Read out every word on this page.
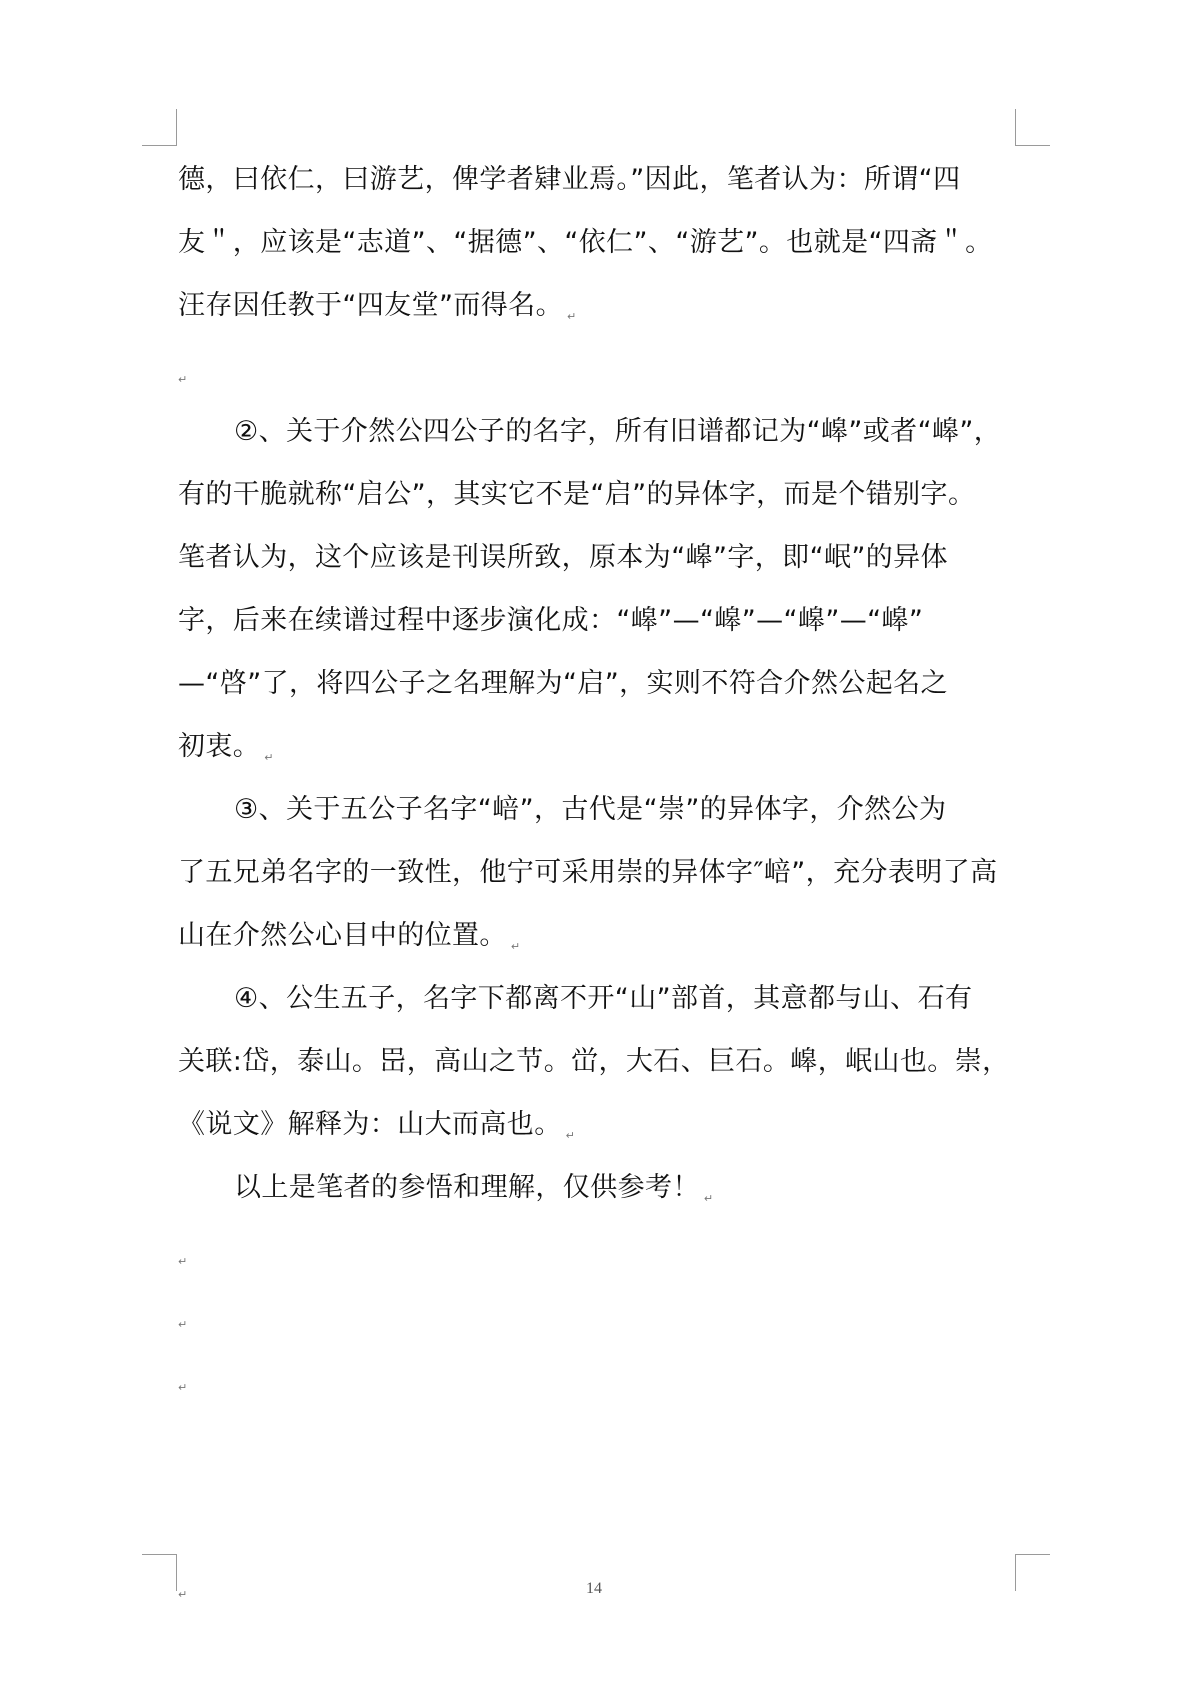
德，曰依仁，曰游艺，俾学者肄业焉。”因此，笔者认为：所谓“四
友＂，应该是“志道”、“据德”、“依仁”、“游艺”。也就是“四斋＂。
汪存因任教于“四友堂”而得名。 ↵
↵
②、关于介然公四公子的名字，所有旧谱都记为“㟸”或者“㟸”，
有的干脆就称“启公”，其实它不是“启”的异体字，而是个错别字。
笔者认为，这个应该是刊误所致，原本为“㟸”字，即“岷”的异体
字，后来在续谱过程中逐步演化成：“㟸”—“㟸”—“㟸”—“㟸”
—“啓”了，将四公子之名理解为“启”，实则不符合介然公起名之
初衷。 ↵
③、关于五公子名字“㟝”，古代是“崇”的异体字，介然公为
了五兄弟名字的一致性，他宁可采用崇的异体字″㟝”，充分表明了高
山在介然公心目中的位置。 ↵
④、公生五子，名字下都离不开“山”部首，其意都与山、石有
关联:岱，泰山。岊，高山之节。峃，大石、巨石。㟸，岷山也。崇，
《说文》解释为：山大而高也。 ↵
以上是笔者的参悟和理解，仅供参考！ ↵
↵
↵
↵
↵	14
